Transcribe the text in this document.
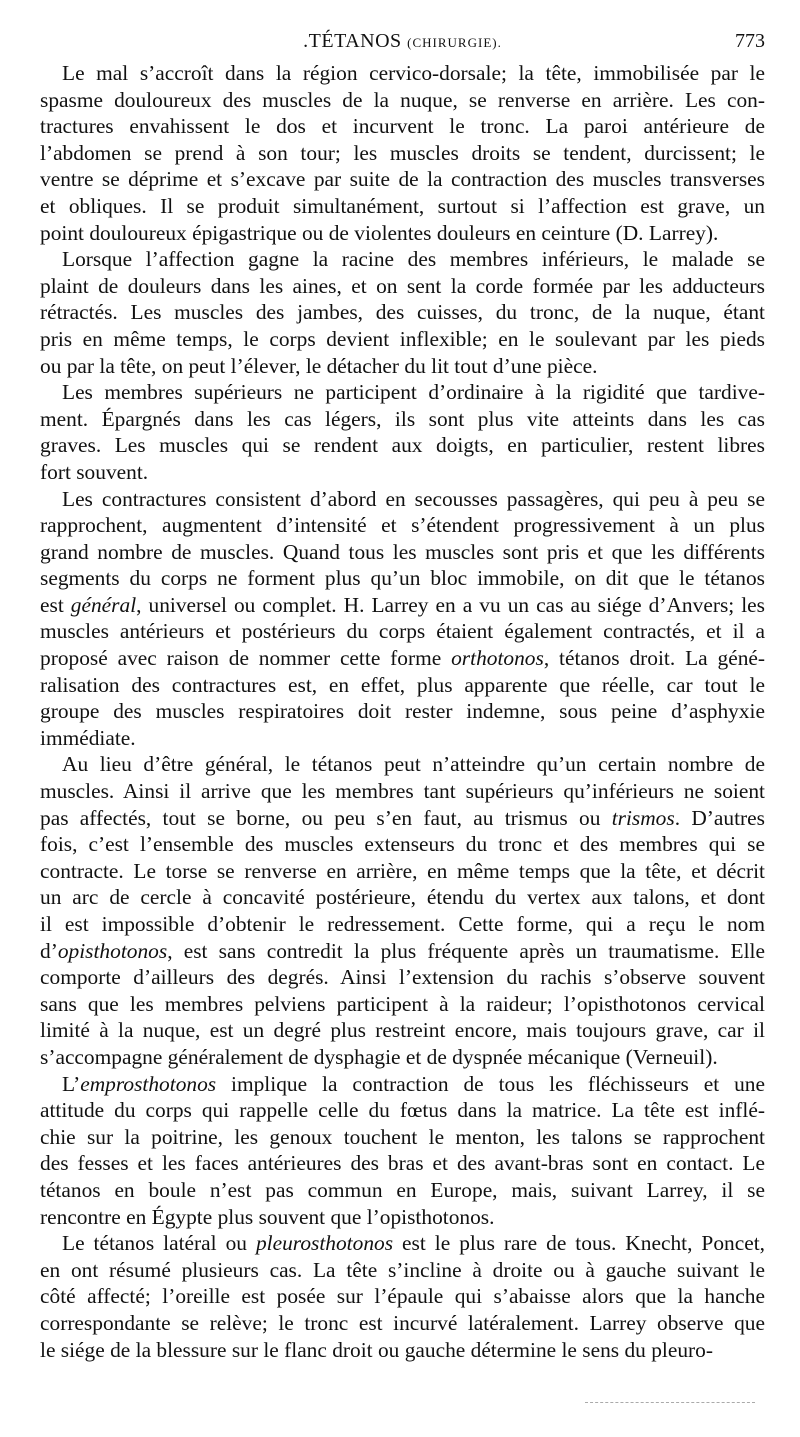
.TÉTANOS (CHIRURGIE).	773
Le mal s’accroît dans la région cervico-dorsale; la tête, immobilisée par le
spasme douloureux des muscles de la nuque, se renverse en arrière. Les con-
tractures envahissent le dos et incurvent le tronc. La paroi antérieure de
l’abdomen se prend à son tour; les muscles droits se tendent, durcissent; le
ventre se déprime et s’excave par suite de la contraction des muscles transverses
et obliques. Il se produit simultanément, surtout si l’affection est grave, un
point douloureux épigastrique ou de violentes douleurs en ceinture (D. Larrey).
Lorsque l’affection gagne la racine des membres inférieurs, le malade se
plaint de douleurs dans les aines, et on sent la corde formée par les adducteurs
rétractés. Les muscles des jambes, des cuisses, du tronc, de la nuque, étant
pris en même temps, le corps devient inflexible; en le soulevant par les pieds
ou par la tête, on peut l’élever, le détacher du lit tout d’une pièce.
Les membres supérieurs ne participent d’ordinaire à la rigidité que tardive-
ment. Épargnés dans les cas légers, ils sont plus vite atteints dans les cas
graves. Les muscles qui se rendent aux doigts, en particulier, restent libres
fort souvent.
Les contractures consistent d’abord en secousses passagères, qui peu à peu se
rapprochent, augmentent d’intensité et s’étendent progressivement à un plus
grand nombre de muscles. Quand tous les muscles sont pris et que les différents
segments du corps ne forment plus qu’un bloc immobile, on dit que le tétanos
est général, universel ou complet. H. Larrey en a vu un cas au siége d’Anvers; les
muscles antérieurs et postérieurs du corps étaient également contractés, et il a
proposé avec raison de nommer cette forme orthotonos, tétanos droit. La géné-
ralisation des contractures est, en effet, plus apparente que réelle, car tout le
groupe des muscles respiratoires doit rester indemne, sous peine d’asphyxie
immédiate.
Au lieu d’être général, le tétanos peut n’atteindre qu’un certain nombre de
muscles. Ainsi il arrive que les membres tant supérieurs qu’inférieurs ne soient
pas affectés, tout se borne, ou peu s’en faut, au trismus ou trismos. D’autres
fois, c’est l’ensemble des muscles extenseurs du tronc et des membres qui se
contracte. Le torse se renverse en arrière, en même temps que la tête, et décrit
un arc de cercle à concavité postérieure, étendu du vertex aux talons, et dont
il est impossible d’obtenir le redressement. Cette forme, qui a reçu le nom
d’opisthotonos, est sans contredit la plus fréquente après un traumatisme. Elle
comporte d’ailleurs des degrés. Ainsi l’extension du rachis s’observe souvent
sans que les membres pelviens participent à la raideur; l’opisthotonos cervical
limité à la nuque, est un degré plus restreint encore, mais toujours grave, car il
s’accompagne généralement de dysphagie et de dyspnée mécanique (Verneuil).
L’emprosthotonos implique la contraction de tous les fléchisseurs et une
attitude du corps qui rappelle celle du fœtus dans la matrice. La tête est inflé-
chie sur la poitrine, les genoux touchent le menton, les talons se rapprochent
des fesses et les faces antérieures des bras et des avant-bras sont en contact. Le
tétanos en boule n’est pas commun en Europe, mais, suivant Larrey, il se
rencontre en Égypte plus souvent que l’opisthotonos.
Le tétanos latéral ou pleurosthotonos est le plus rare de tous. Knecht, Poncet,
en ont résumé plusieurs cas. La tête s’incline à droite ou à gauche suivant le
côté affecté; l’oreille est posée sur l’épaule qui s’abaisse alors que la hanche
correspondante se relève; le tronc est incurvé latéralement. Larrey observe que
le siége de la blessure sur le flanc droit ou gauche détermine le sens du pleuro-
